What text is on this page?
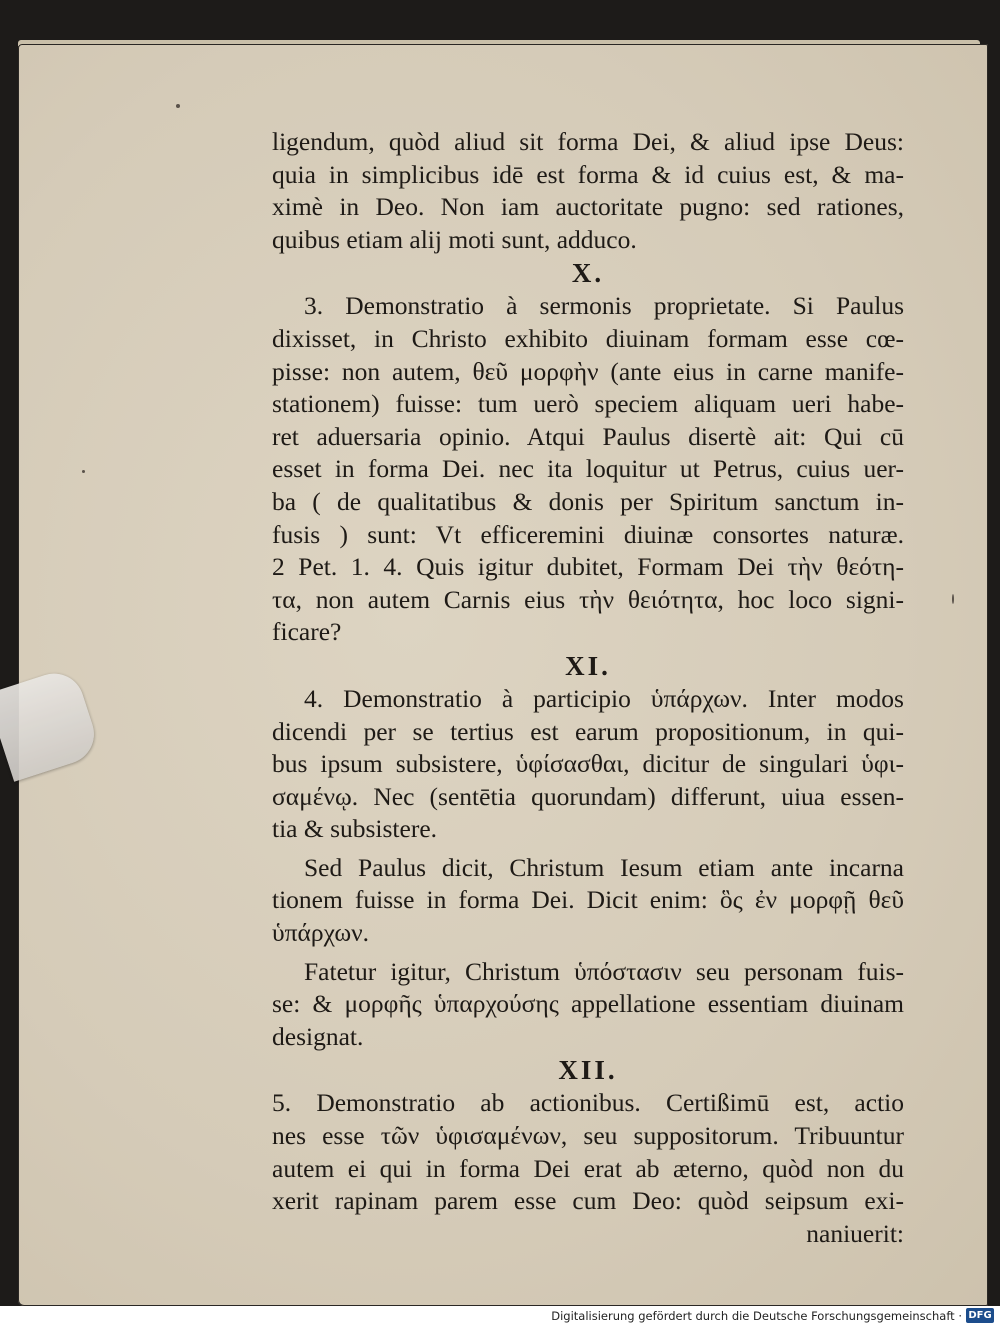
ligendum, quòd aliud sit forma Dei, & aliud ipse Deus:
quia in simplicibus idē est forma & id cuius est, & ma-
ximè in Deo. Non iam auctoritate pugno: sed rationes,
quibus etiam alij moti sunt, adduco.
X.
3. Demonstratio à sermonis proprietate. Si Paulus
dixisset, in Christo exhibito diuinam formam esse cœ-
pisse: non autem, θεῦ μορφὴν (ante eius in carne manife-
stationem) fuisse: tum uerò speciem aliquam ueri habe-
ret aduersaria opinio. Atqui Paulus disertè ait: Qui cū
esset in forma Dei. nec ita loquitur ut Petrus, cuius uer-
ba ( de qualitatibus & donis per Spiritum sanctum in-
fusis ) sunt: Vt efficeremini diuinæ consortes naturæ.
2 Pet. 1. 4. Quis igitur dubitet, Formam Dei τὴν θεότη-
τα, non autem Carnis eius τὴν θειότητα, hoc loco signi-
ficare?
XI.
4. Demonstratio à participio ὑπάρχων. Inter modos
dicendi per se tertius est earum propositionum, in qui-
bus ipsum subsistere, ὑφίσασθαι, dicitur de singulari ὑφι-
σαμένῳ. Nec (sentētia quorundam) differunt, uiua essen-
tia & subsistere.
Sed Paulus dicit, Christum Iesum etiam ante incarna
tionem fuisse in forma Dei. Dicit enim: ὃς ἐν μορφῇ θεῦ
ὑπάρχων.
Fatetur igitur, Christum ὑπόστασιν seu personam fuis-
se: & μορφῆς ὑπαρχούσης appellatione essentiam diuinam
designat.
XII.
5. Demonstratio ab actionibus. Certißimū est, actio
nes esse τῶν ὑφισαμένων, seu suppositorum. Tribuuntur
autem ei qui in forma Dei erat ab æterno, quòd non du
xerit rapinam parem esse cum Deo: quòd seipsum exi-
naniuerit:
Digitalisierung gefördert durch die Deutsche Forschungsgemeinschaft · DFG
